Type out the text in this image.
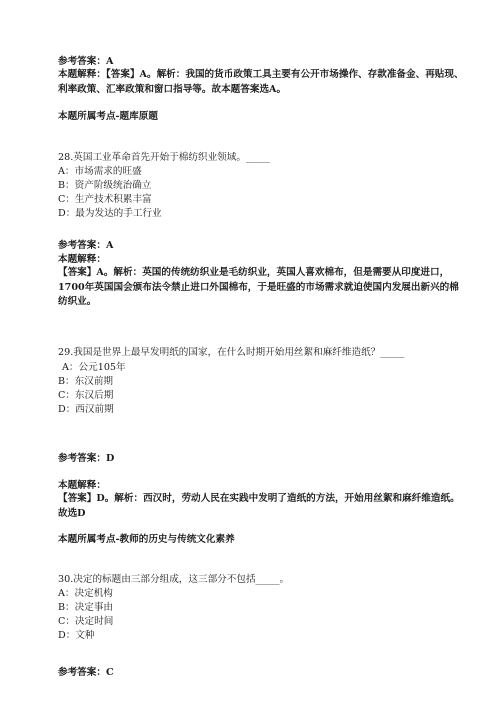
参考答案：A
本题解释：【答案】A。解析：我国的货币政策工具主要有公开市场操作、存款准备金、再贴现、利率政策、汇率政策和窗口指导等。故本题答案选A。
本题所属考点-题库原题
28.英国工业革命首先开始于棉纺织业领域。_____
A：市场需求的旺盛
B：资产阶级统治确立
C：生产技术积累丰富
D：最为发达的手工行业
参考答案：A
本题解释：
【答案】A。解析：英国的传统纺织业是毛纺织业，英国人喜欢棉布，但是需要从印度进口，1700年英国国会颁布法令禁止进口外国棉布，于是旺盛的市场需求就迫使国内发展出新兴的棉纺织业。
29.我国是世界上最早发明纸的国家，在什么时期开始用丝絮和麻纤维造纸？_____
A：公元105年
B：东汉前期
C：东汉后期
D：西汉前期
参考答案：D
本题解释：
【答案】D。解析：西汉时，劳动人民在实践中发明了造纸的方法，开始用丝絮和麻纤维造纸。故选D
本题所属考点-教师的历史与传统文化素养
30.决定的标题由三部分组成，这三部分不包括_____。
A：决定机构
B：决定事由
C：决定时间
D：文种
参考答案：C
